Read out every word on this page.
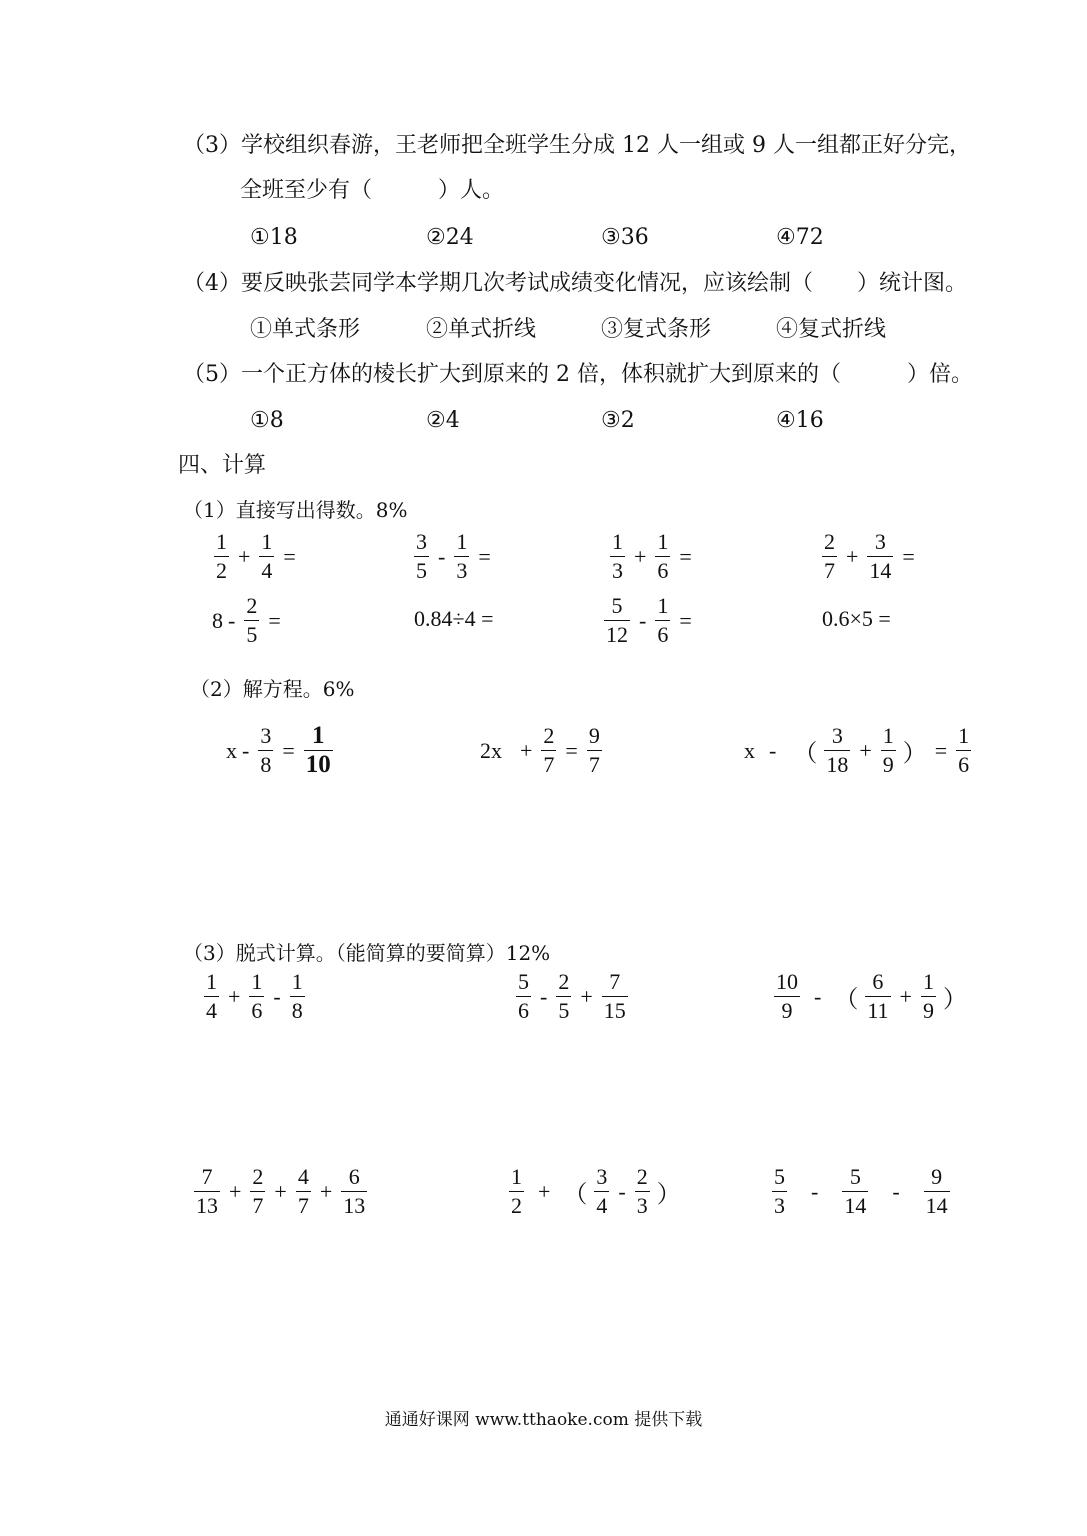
（3）学校组织春游，王老师把全班学生分成 12 人一组或 9 人一组都正好分完，
全班至少有（　　　）人。
①18	②24	③36	④72
（4）要反映张芸同学本学期几次考试成绩变化情况，应该绘制（　　）统计图。
①单式条形	②单式折线	③复式条形	④复式折线
（5）一个正方体的棱长扩大到原来的 2 倍，体积就扩大到原来的（　　　）倍。
①8	②4	③2	④16
四、计算
（1）直接写出得数。8%
$\frac{1}{2} + \frac{1}{4}$ =	$\frac{3}{5} - \frac{1}{3}$ =	$\frac{1}{3} + \frac{1}{6}$ =	$\frac{2}{7} + \frac{3}{14}$ =
$8 - \frac{2}{5}$ =	0.84÷4 =	$\frac{5}{12} - \frac{1}{6}$ =	0.6×5 =
（2）解方程。6%
$x - \frac{3}{8} = \frac{1}{10}$	$2x + \frac{2}{7} = \frac{9}{7}$	x - （ $\frac{3}{18} + \frac{1}{9}$ ） = $\frac{1}{6}$
（3）脱式计算。（能简算的要简算）12%
$\frac{1}{4} + \frac{1}{6} - \frac{1}{8}$	$\frac{5}{6} - \frac{2}{5} + \frac{7}{15}$	$\frac{10}{9}$ - （ $\frac{6}{11} + \frac{1}{9}$ ）
$\frac{7}{13} + \frac{2}{7} + \frac{4}{7} + \frac{6}{13}$	$\frac{1}{2}$ + （ $\frac{3}{4} - \frac{2}{3}$ ）	$\frac{5}{3} - \frac{5}{14} - \frac{9}{14}$
通通好课网 www.tthaoke.com 提供下载
